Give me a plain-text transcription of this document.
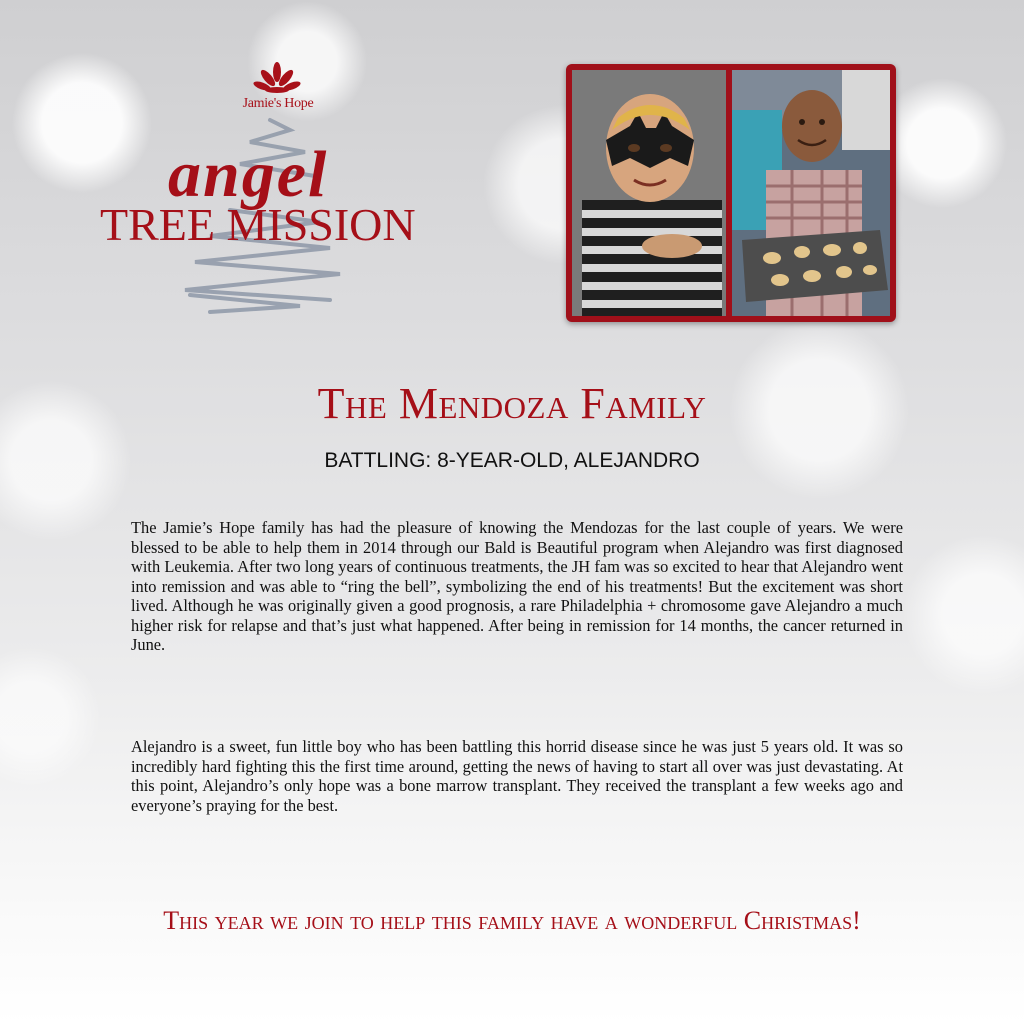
Jamie's Hope
angel
TREE MISSION
The Mendoza Family
BATTLING: 8-YEAR-OLD, ALEJANDRO
The Jamie’s Hope family has had the pleasure of knowing the Mendozas for the last couple of years. We were blessed to be able to help them in 2014 through our Bald is Beautiful program when Alejandro was first diagnosed with Leukemia. After two long years of continuous treatments, the JH fam was so excited to hear that Alejandro went into remission and was able to “ring the bell”, symbolizing the end of his treatments! But the excitement was short lived. Although he was originally given a good prognosis, a rare Philadelphia + chromosome gave Alejandro a much higher risk for relapse and that’s just what happened. After being in remission for 14 months, the cancer returned in June.
Alejandro is a sweet, fun little boy who has been battling this horrid disease since he was just 5 years old. It was so incredibly hard fighting this the first time around, getting the news of having to start all over was just devastating. At this point, Alejandro’s only hope was a bone marrow transplant. They received the transplant a few weeks ago and everyone’s praying for the best.
This year we join to help this family have a wonderful Christmas!
